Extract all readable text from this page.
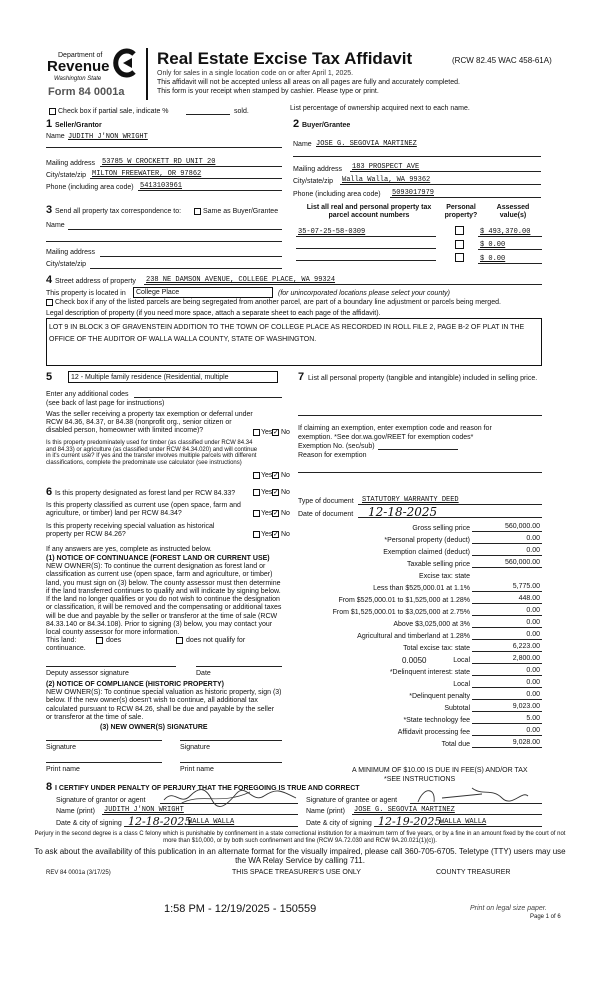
Department of
Revenue
Washington State
Form 84 0001a
Real Estate Excise Tax Affidavit	(RCW 82.45 WAC 458-61A)
Only for sales in a single location code on or after April 1, 2025.
This affidavit will not be accepted unless all areas on all pages are fully and accurately completed.
This form is your receipt when stamped by cashier. Please type or print.
Check box if partial sale, indicate %	sold.	List percentage of ownership acquired next to each name.
1 Seller/Grantor
Name JUDITH J'NON WRIGHT
Mailing address 53785 W CROCKETT RD UNIT 20
City/state/zip MILTON FREEWATER, OR 97862
Phone (including area code) 5413103961
2 Buyer/Grantee
Name JOSE G. SEGOVIA MARTINEZ
Mailing address 183 PROSPECT AVE
City/state/zip Walla Walla, WA 99362
Phone (including area code) 5093017979
3 Send all property tax correspondence to:	Same as Buyer/Grantee
Name
Mailing address
City/state/zip
List all real and personal property tax parcel account numbers
Personal property?
Assessed value(s)
35-07-25-58-0309	$ 493,370.00
$ 0.00
$ 0.00
4 Street address of property 238 NE DAMSON AVENUE, COLLEGE PLACE, WA 99324
This property is located in College Place	(for unincorporated locations please select your county)
Check box if any of the listed parcels are being segregated from another parcel, are part of a boundary line adjustment or parcels being merged.
Legal description of property (if you need more space, attach a separate sheet to each page of the affidavit).
LOT 9 IN BLOCK 3 OF GRAVENSTEIN ADDITION TO THE TOWN OF COLLEGE PLACE AS RECORDED IN ROLL FILE 2, PAGE B-2 OF PLAT IN THE OFFICE OF THE AUDITOR OF WALLA WALLA COUNTY, STATE OF WASHINGTON.
5	12 - Multiple family residence (Residential, multiple
Enter any additional codes
(see back of last page for instructions)
Was the seller receiving a property tax exemption or deferral under RCW 84.36, 84.37, or 84.38 (nonprofit org., senior citizen or disabled person, homeowner with limited income)?	Yes ✓ No
Is this property predominately used for timber (as classified under RCW 84.34 and 84.33) or agriculture (as classified under RCW 84.34.020) and will continue in it's current use? If yes and the transfer involves multiple parcels with different classifications, complete the predominate use calculator (see instructions)
Yes ✓ No
6 Is this property designated as forest land per RCW 84.33?	Yes ✓ No
Is this property classified as current use (open space, farm and agriculture, or timber) land per RCW 84.34?	Yes ✓ No
Is this property receiving special valuation as historical property per RCW 84.26?	Yes ✓ No
If any answers are yes, complete as instructed below.
(1) NOTICE OF CONTINUANCE (FOREST LAND OR CURRENT USE)
NEW OWNER(S): To continue the current designation as forest land or classification as current use (open space, farm and agriculture, or timber) land, you must sign on (3) below. The county assessor must then determine if the land transferred continues to qualify and will indicate by signing below. If the land no longer qualifies or you do not wish to continue the designation or classification, it will be removed and the compensating or additional taxes will be due and payable by the seller or transferor at the time of sale (RCW 84.33.140 or 84.34.108). Prior to signing (3) below, you may contact your local county assessor for more information.
This land:	does	does not qualify for
continuance.
Deputy assessor signature	Date
(2) NOTICE OF COMPLIANCE (HISTORIC PROPERTY)
NEW OWNER(S): To continue special valuation as historic property, sign (3) below. If the new owner(s) doesn't wish to continue, all additional tax calculated pursuant to RCW 84.26, shall be due and payable by the seller or transferor at the time of sale.
(3) NEW OWNER(S) SIGNATURE
Signature	Signature
Print name	Print name
7 List all personal property (tangible and intangible) included in selling price.
If claiming an exemption, enter exemption code and reason for
exemption. *See dor.wa.gov/REET for exemption codes*
Exemption No. (sec/sub)
Reason for exemption
Type of document STATUTORY WARRANTY DEED
Date of document 12-18-2025
Gross selling price	560,000.00
*Personal property (deduct)	0.00
Exemption claimed (deduct)	0.00
Taxable selling price	560,000.00
Excise tax: state
Less than $525,000.01 at 1.1%	5,775.00
From $525,000.01 to $1,525,000 at 1.28%	448.00
From $1,525,000.01 to $3,025,000 at 2.75%	0.00
Above $3,025,000 at 3%	0.00
Agricultural and timberland at 1.28%	0.00
Total excise tax: state	6,223.00
0.0050	Local	2,800.00
*Delinquent interest: state	0.00
Local	0.00
*Delinquent penalty	0.00
Subtotal	9,023.00
*State technology fee	5.00
Affidavit processing fee	0.00
Total due	9,028.00
A MINIMUM OF $10.00 IS DUE IN FEE(S) AND/OR TAX
*SEE INSTRUCTIONS
8 I CERTIFY UNDER PENALTY OF PERJURY THAT THE FOREGOING IS TRUE AND CORRECT
Signature of grantor or agent
Name (print) JUDITH J'NON WRIGHT
Date & city of signing 12-18-2025
WALLA WALLA
Signature of grantee or agent
Name (print) JOSE G. SEGOVIA MARTINEZ
Date & city of signing 12-19-2025
WALLA WALLA
Perjury in the second degree is a class C felony which is punishable by confinement in a state correctional institution for a maximum term of five years, or by a fine in an amount fixed by the court of not more than $10,000, or by both such confinement and fine (RCW 9A.72.030 and RCW 9A.20.021(1)(c)).
To ask about the availability of this publication in an alternate format for the visually impaired, please call 360-705-6705. Teletype (TTY) users may use the WA Relay Service by calling 711.
REV 84 0001a (3/17/25)	THIS SPACE TREASURER'S USE ONLY	COUNTY TREASURER
1:58 PM - 12/19/2025 - 150559	Print on legal size paper.
Page 1 of 6
